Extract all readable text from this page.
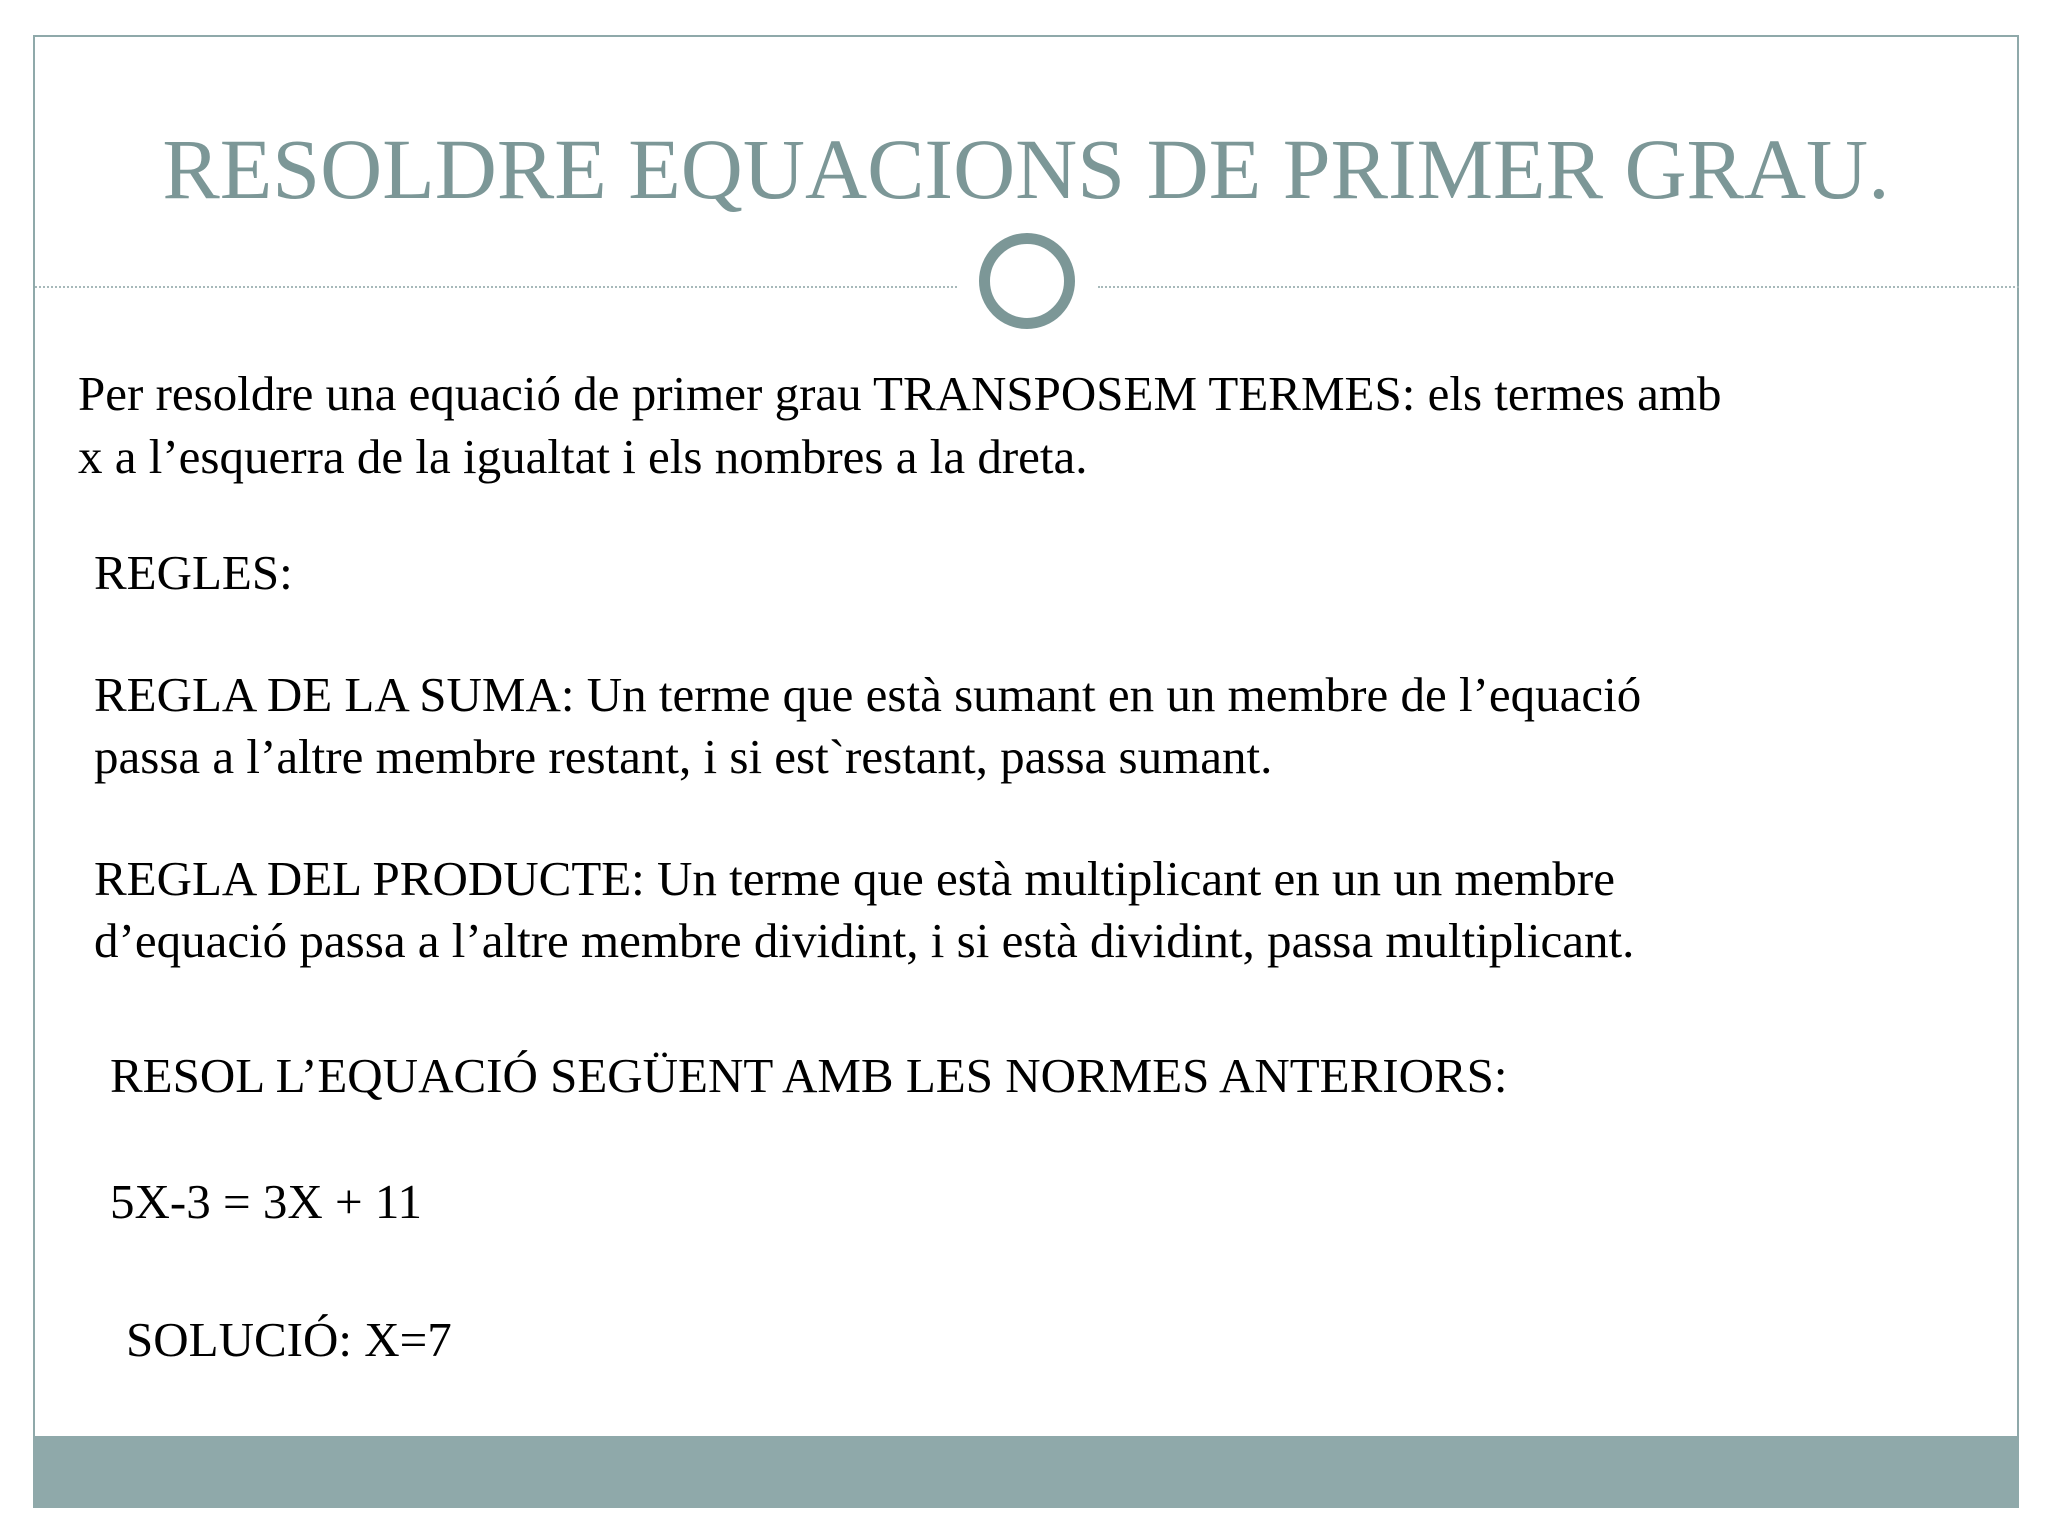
RESOLDRE EQUACIONS DE PRIMER GRAU.

Per resoldre una equació de primer grau TRANSPOSEM TERMES: els termes amb

x a l’esquerra de la igualtat i els nombres a la dreta.

REGLES:

REGLA DE LA SUMA: Un terme que està sumant en un membre de l’equació

passa a l’altre membre restant, i si est`restant, passa sumant.

REGLA DEL PRODUCTE: Un terme que està multiplicant en un un membre

d’equació passa a l’altre membre dividint, i si està dividint, passa multiplicant.

RESOL L’EQUACIÓ SEGÜENT AMB LES NORMES ANTERIORS:

5X-3 = 3X + 11

SOLUCIÓ: X=7
